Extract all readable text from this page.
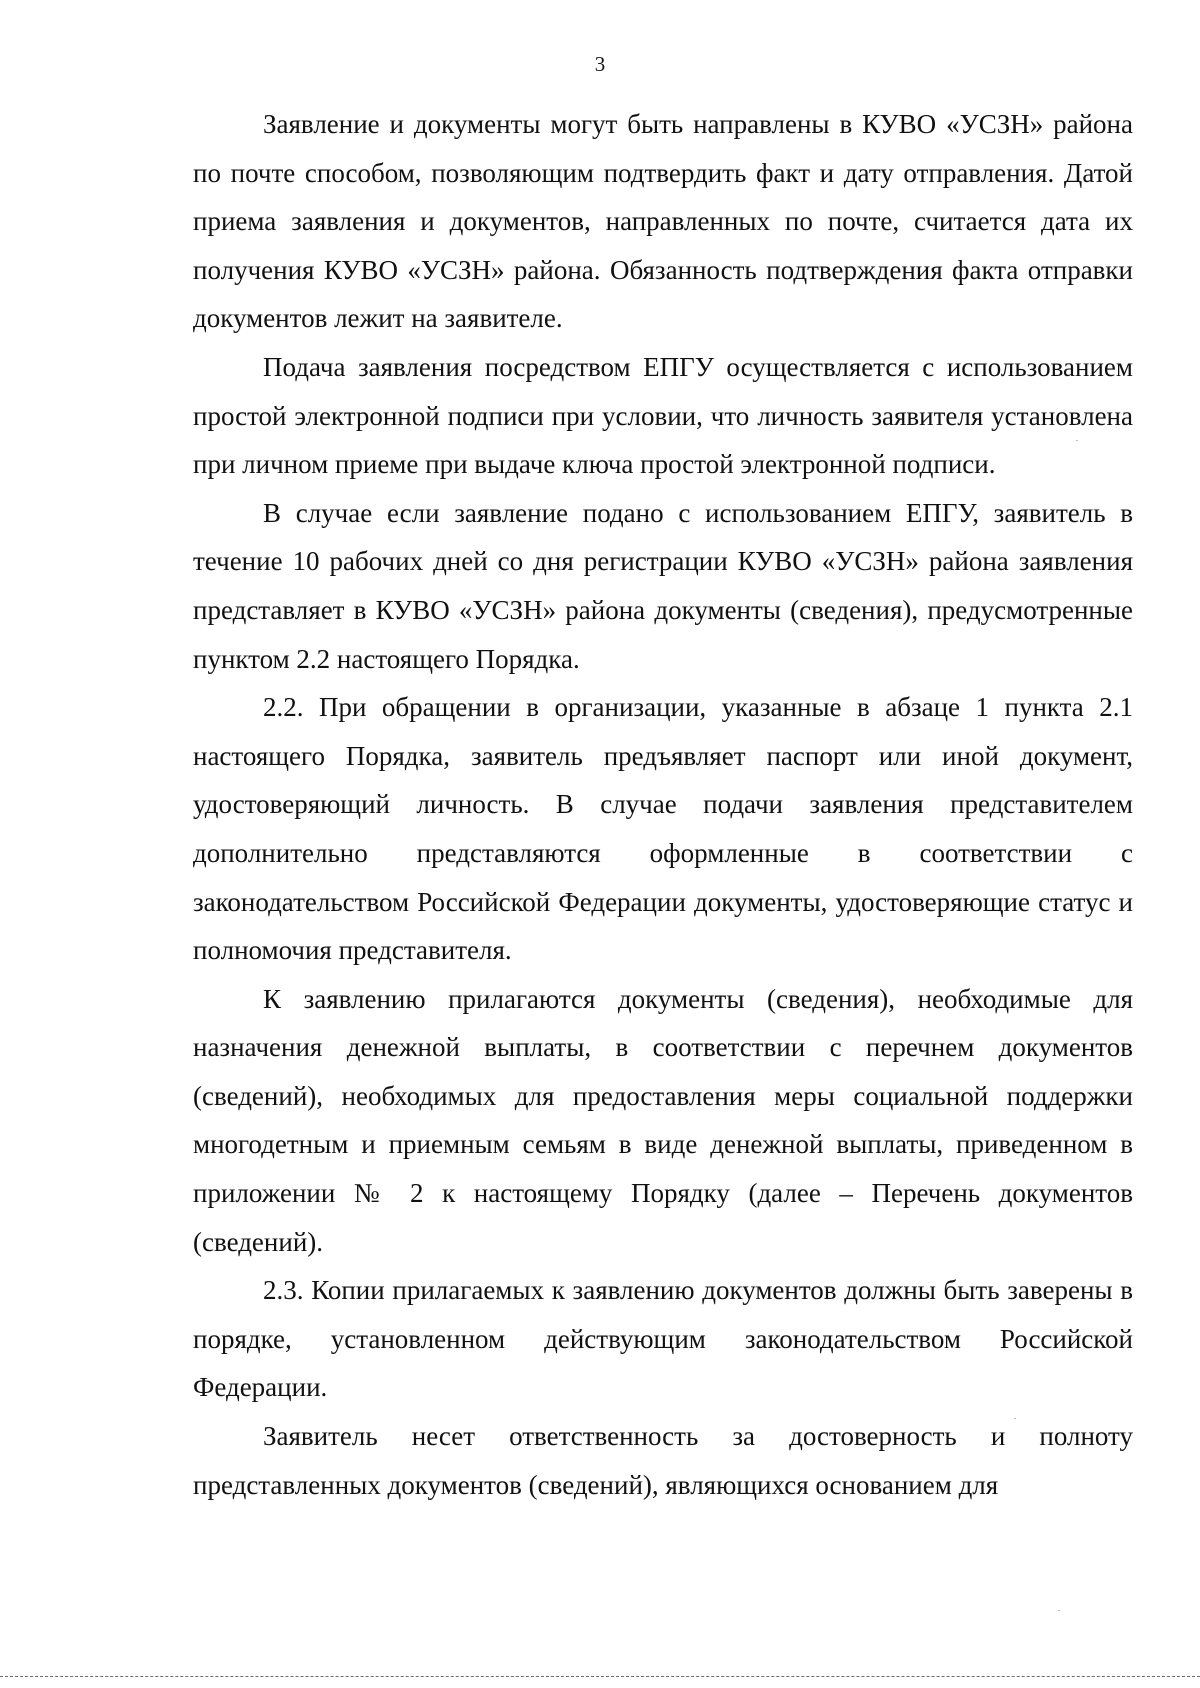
3

Заявление и документы могут быть направлены в КУВО «УСЗН» района по почте способом, позволяющим подтвердить факт и дату отправления. Датой приема заявления и документов, направленных по почте, считается дата их получения КУВО «УСЗН» района. Обязанность подтверждения факта отправки документов лежит на заявителе.

Подача заявления посредством ЕПГУ осуществляется с использованием простой электронной подписи при условии, что личность заявителя установлена при личном приеме при выдаче ключа простой электронной подписи.

В случае если заявление подано с использованием ЕПГУ, заявитель в течение 10 рабочих дней со дня регистрации КУВО «УСЗН» района заявления представляет в КУВО «УСЗН» района документы (сведения), предусмотренные пунктом 2.2 настоящего Порядка.

2.2. При обращении в организации, указанные в абзаце 1 пункта 2.1 настоящего Порядка, заявитель предъявляет паспорт или иной документ, удостоверяющий личность. В случае подачи заявления представителем дополнительно представляются оформленные в соответствии с законодательством Российской Федерации документы, удостоверяющие статус и полномочия представителя.

К заявлению прилагаются документы (сведения), необходимые для назначения денежной выплаты, в соответствии с перечнем документов (сведений), необходимых для предоставления меры социальной поддержки многодетным и приемным семьям в виде денежной выплаты, приведенном в приложении № 2 к настоящему Порядку (далее – Перечень документов (сведений).

2.3. Копии прилагаемых к заявлению документов должны быть заверены в порядке, установленном действующим законодательством Российской Федерации.

Заявитель несет ответственность за достоверность и полноту представленных документов (сведений), являющихся основанием для
